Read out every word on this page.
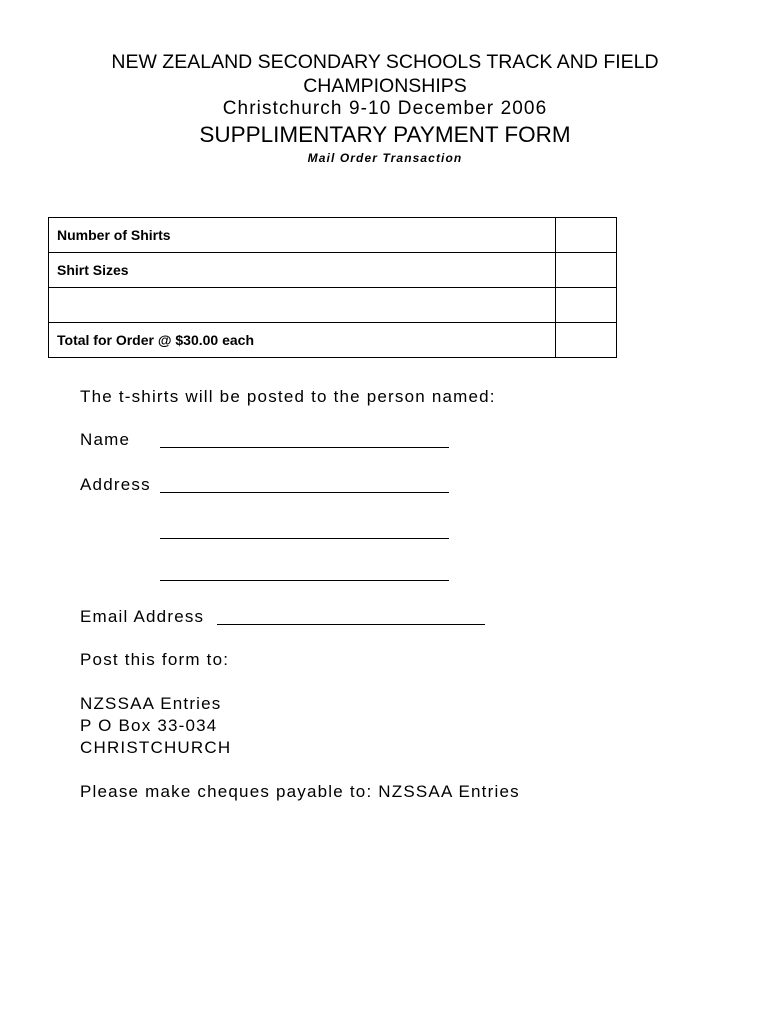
NEW ZEALAND SECONDARY SCHOOLS TRACK AND FIELD
CHAMPIONSHIPS
Christchurch 9-10 December 2006
SUPPLIMENTARY PAYMENT FORM
Mail Order Transaction
Number of Shirts	
Shirt Sizes	

Total for Order @ $30.00 each	
The t-shirts will be posted to the person named:
Name
Address
Email Address
Post this form to:
NZSSAA Entries
P O Box 33-034
CHRISTCHURCH
Please make cheques payable to: NZSSAA Entries
